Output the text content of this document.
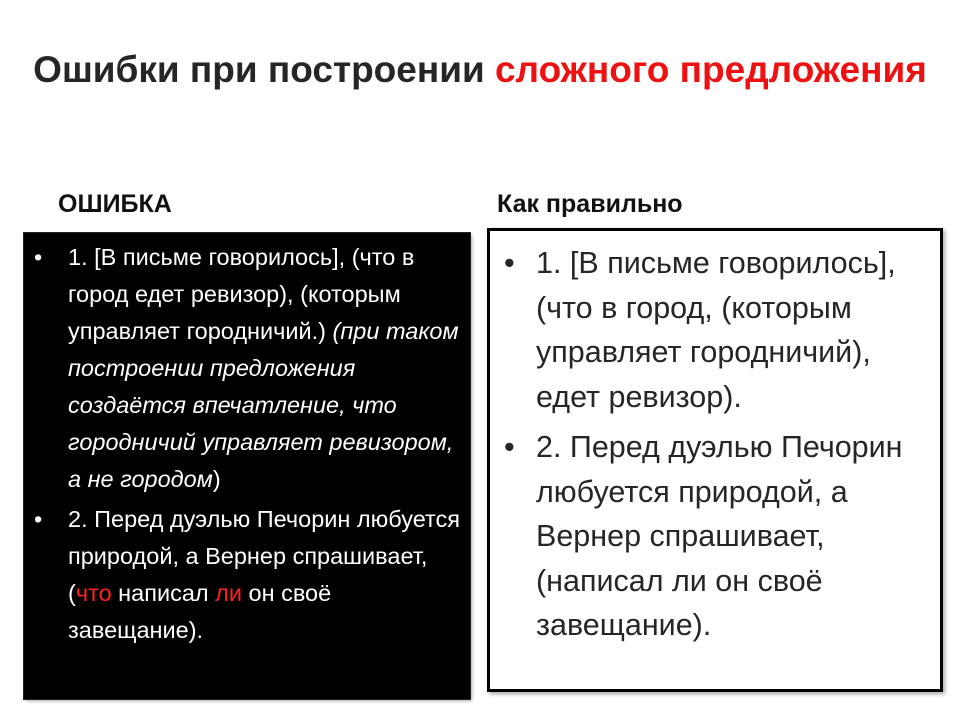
Ошибки при построении сложного предложения
ОШИБКА	Как правильно
• 1. [В письме говорилось], (что в город едет ревизор), (которым управляет городничий.) (при таком построении предложения создаётся впечатление, что городничий управляет ревизором, а не городом)
• 2. Перед дуэлью Печорин любуется природой, а Вернер спрашивает, (что написал ли он своё завещание).
• 1. [В письме говорилось], (что в город, (которым управляет городничий), едет ревизор).
• 2. Перед дуэлью Печорин любуется природой, а Вернер спрашивает, (написал ли он своё завещание).
